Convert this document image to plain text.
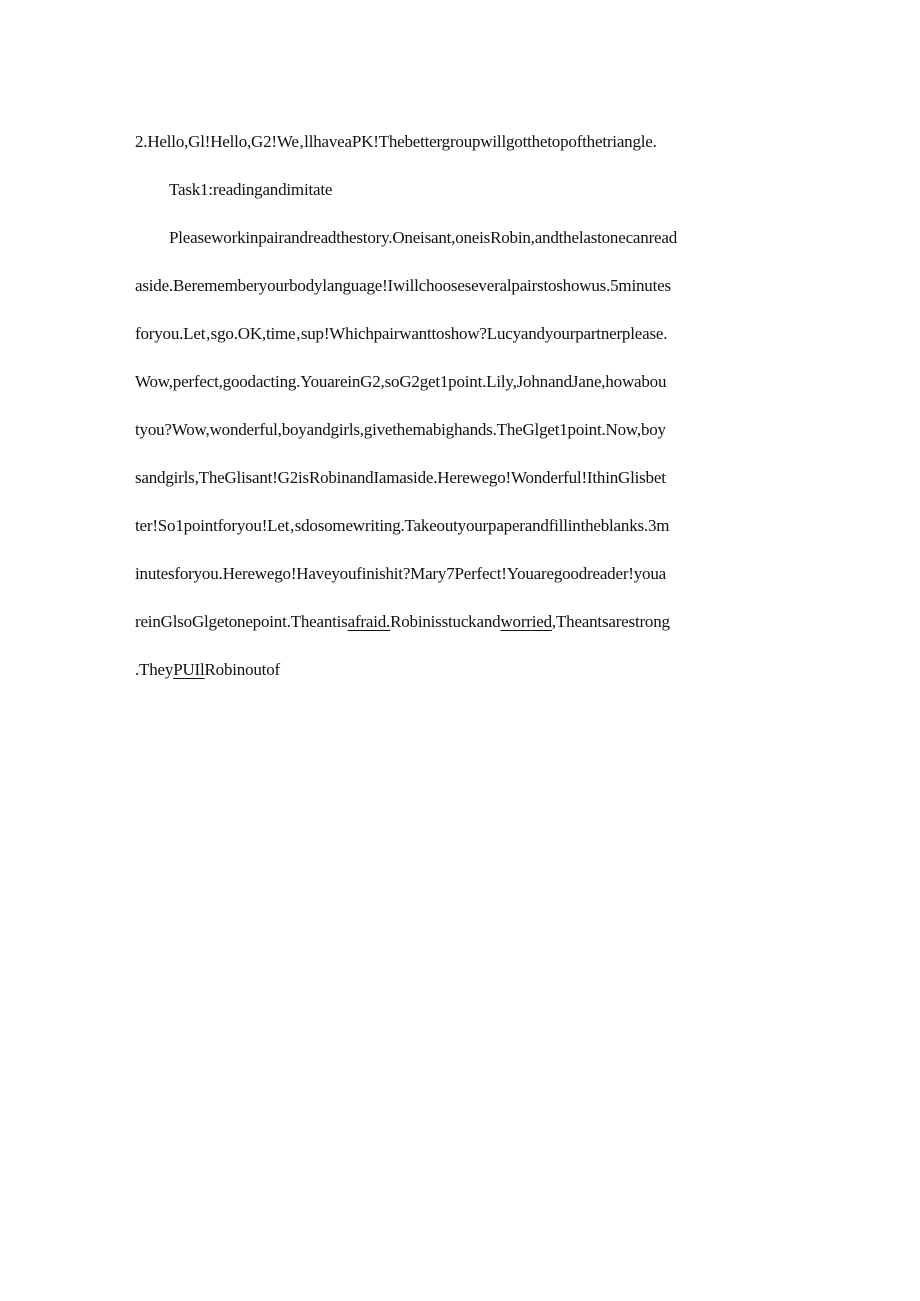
2.Hello,Gl!Hello,G2!We‚llhaveaPK!Thebettergroupwillgotthetopofthetriangle.
Task1:readingandimitate
Pleaseworkinpairandreadthestory.Oneisant,oneisRobin,andthelastonecanread
aside.Berememberyourbodylanguage!Iwillchooseseveralpairstoshowus.5minutes
foryou.Let‚sgo.OK,time‚sup!Whichpairwanttoshow?Lucyandyourpartnerplease.
Wow,perfect,goodacting.YouareinG2,soG2get1point.Lily,JohnandJane,howabou
tyou?Wow,wonderful,boyandgirls,givethemabighands.TheGlget1point.Now,boy
sandgirls,TheGlisant!G2isRobinandIamaside.Herewego!Wonderful!IthinGlisbet
ter!So1pointforyou!Let‚sdosomewriting.Takeoutyourpaperandfillintheblanks.3m
inutesforyou.Herewego!Haveyoufinishit?Mary7Perfect!Youaregoodreader!youa
reinGlsoGlgetonepoint.Theantisafraid.Robinisstuckandworried,Theantsarestrong
.TheyPUIlRobinoutof
